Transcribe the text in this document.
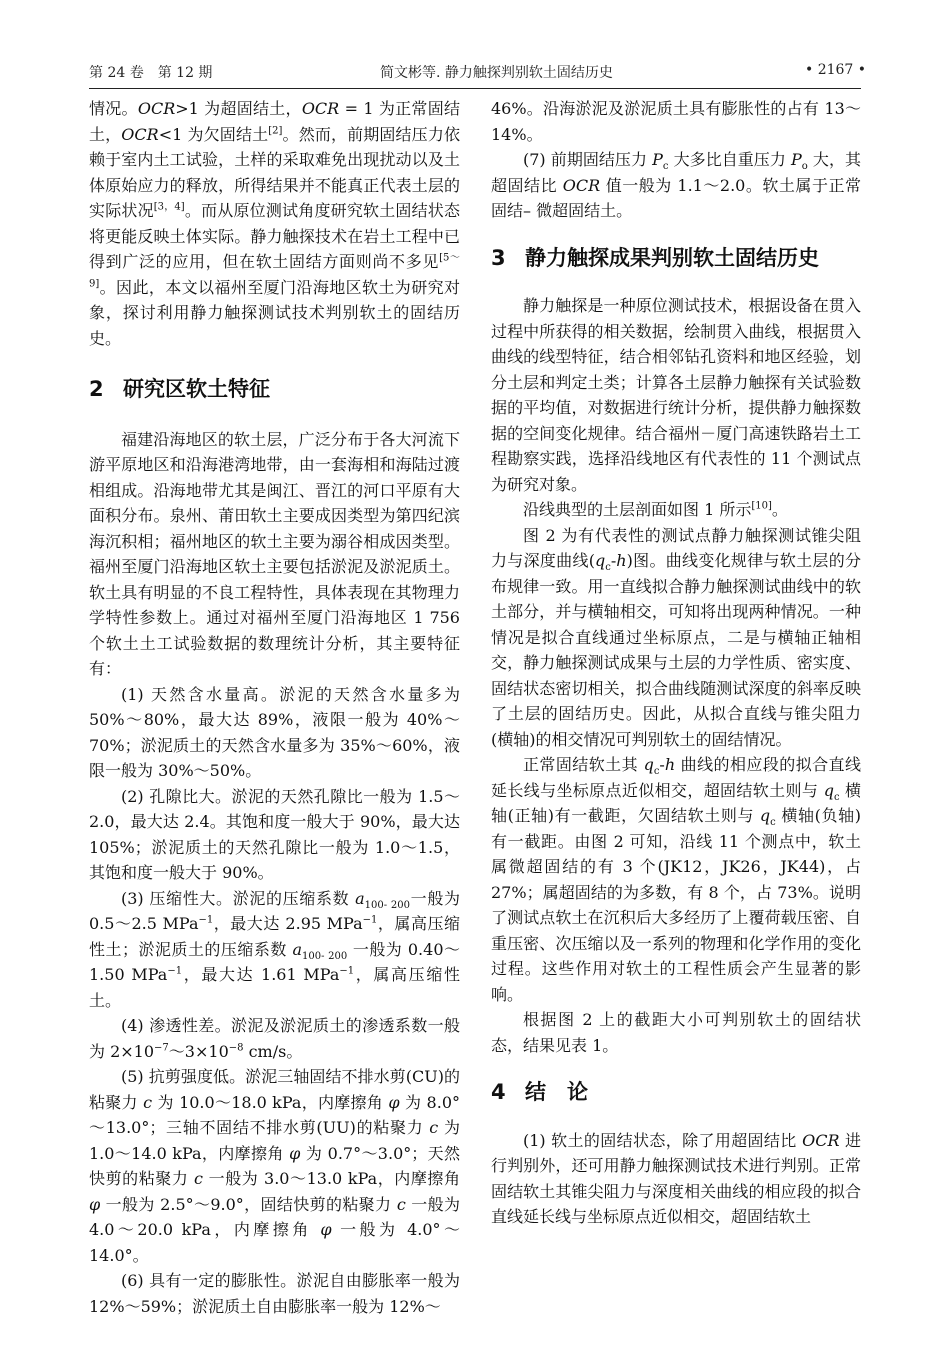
第 24 卷　第 12 期	简文彬等. 静力触探判别软土固结历史	• 2167 •

情况。OCR>1 为超固结土，OCR = 1 为正常固结土，OCR<1 为欠固结土[2]。然而，前期固结压力依赖于室内土工试验，土样的采取难免出现扰动以及土体原始应力的释放，所得结果并不能真正代表土层的实际状况[3，4]。而从原位测试角度研究软土固结状态将更能反映土体实际。静力触探技术在岩土工程中已得到广泛的应用，但在软土固结方面则尚不多见[5～9]。因此，本文以福州至厦门沿海地区软土为研究对象，探讨利用静力触探测试技术判别软土的固结历史。

2 研究区软土特征

福建沿海地区的软土层，广泛分布于各大河流下游平原地区和沿海港湾地带，由一套海相和海陆过渡相组成。沿海地带尤其是闽江、晋江的河口平原有大面积分布。泉州、莆田软土主要成因类型为第四纪滨海沉积相；福州地区的软土主要为溺谷相成因类型。福州至厦门沿海地区软土主要包括淤泥及淤泥质土。软土具有明显的不良工程特性，具体表现在其物理力学特性参数上。通过对福州至厦门沿海地区 1 756 个软土土工试验数据的数理统计分析，其主要特征有：

(1) 天然含水量高。淤泥的天然含水量多为 50%～80%，最大达 89%，液限一般为 40%～70%；淤泥质土的天然含水量多为 35%～60%，液限一般为 30%～50%。

(2) 孔隙比大。淤泥的天然孔隙比一般为 1.5～2.0，最大达 2.4。其饱和度一般大于 90%，最大达 105%；淤泥质土的天然孔隙比一般为 1.0～1.5，其饱和度一般大于 90%。

(3) 压缩性大。淤泥的压缩系数 $a_{100- 200}$一般为 0.5～2.5 MPa$^{-1}$，最大达 2.95 MPa$^{-1}$，属高压缩性土；淤泥质土的压缩系数 $a_{100- 200}$ 一般为 0.40～1.50 MPa$^{-1}$，最大达 1.61 MPa$^{-1}$，属高压缩性土。

(4) 渗透性差。淤泥及淤泥质土的渗透系数一般为 $2\times 10^{-7}\sim 3\times 10^{-8}$ cm/s。

(5) 抗剪强度低。淤泥三轴固结不排水剪(CU)的粘聚力 c 为 10.0～18.0 kPa，内摩擦角 φ 为 8.0°～13.0°；三轴不固结不排水剪(UU)的粘聚力 c 为 1.0～14.0 kPa，内摩擦角 φ 为 0.7°～3.0°；天然快剪的粘聚力 c 一般为 3.0～13.0 kPa，内摩擦角 φ 一般为 2.5°～9.0°，固结快剪的粘聚力 c 一般为 4.0～20.0 kPa，内摩擦角 φ 一般为 4.0°～14.0°。

(6) 具有一定的膨胀性。淤泥自由膨胀率一般为 12%～59%；淤泥质土自由膨胀率一般为 12%～

46%。沿海淤泥及淤泥质土具有膨胀性的占有 13～14%。

(7) 前期固结压力 $P_c$ 大多比自重压力 $P_o$ 大，其超固结比 OCR 值一般为 1.1～2.0。软土属于正常固结– 微超固结土。

3 静力触探成果判别软土固结历史

静力触探是一种原位测试技术，根据设备在贯入过程中所获得的相关数据，绘制贯入曲线，根据贯入曲线的线型特征，结合相邻钻孔资料和地区经验，划分土层和判定土类；计算各土层静力触探有关试验数据的平均值，对数据进行统计分析，提供静力触探数据的空间变化规律。结合福州－厦门高速铁路岩土工程勘察实践，选择沿线地区有代表性的 11 个测试点为研究对象。

沿线典型的土层剖面如图 1 所示[10]。

图 2 为有代表性的测试点静力触探测试锥尖阻力与深度曲线$(q_c-h)$图。曲线变化规律与软土层的分布规律一致。用一直线拟合静力触探测试曲线中的软土部分，并与横轴相交，可知将出现两种情况。一种情况是拟合直线通过坐标原点，二是与横轴正轴相交，静力触探测试成果与土层的力学性质、密实度、固结状态密切相关，拟合曲线随测试深度的斜率反映了土层的固结历史。因此，从拟合直线与锥尖阻力(横轴)的相交情况可判别软土的固结情况。

正常固结软土其 $q_c-h$ 曲线的相应段的拟合直线延长线与坐标原点近似相交，超固结软土则与 $q_c$ 横轴(正轴)有一截距，欠固结软土则与 $q_c$ 横轴(负轴)有一截距。由图 2 可知，沿线 11 个测点中，软土属微超固结的有 3 个(JK12，JK26，JK44)，占 27%；属超固结的为多数，有 8 个，占 73%。说明了测试点软土在沉积后大多经历了上覆荷载压密、自重压密、次压缩以及一系列的物理和化学作用的变化过程。这些作用对软土的工程性质会产生显著的影响。

根据图 2 上的截距大小可判别软土的固结状态，结果见表 1。

4 结　论

(1) 软土的固结状态，除了用超固结比 OCR 进行判别外，还可用静力触探测试技术进行判别。正常固结软土其锥尖阻力与深度相关曲线的相应段的拟合直线延长线与坐标原点近似相交，超固结软土
